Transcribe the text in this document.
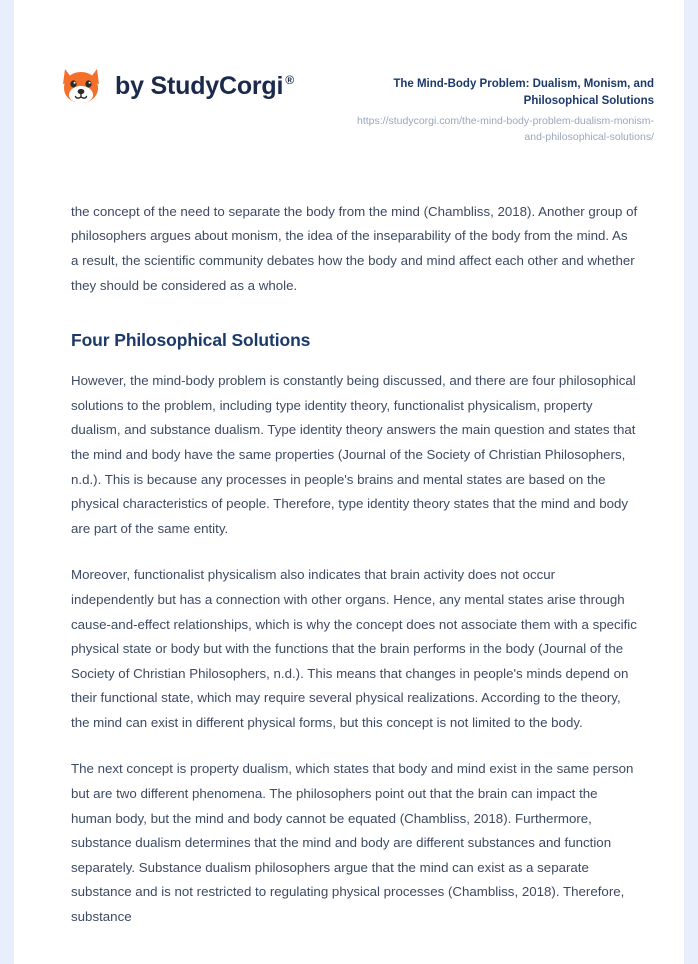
by StudyCorgi ®	The Mind-Body Problem: Dualism, Monism, and Philosophical Solutions
https://studycorgi.com/the-mind-body-problem-dualism-monism-and-philosophical-solutions/

the concept of the need to separate the body from the mind (Chambliss, 2018). Another group of philosophers argues about monism, the idea of the inseparability of the body from the mind. As a result, the scientific community debates how the body and mind affect each other and whether they should be considered as a whole.

Four Philosophical Solutions

However, the mind-body problem is constantly being discussed, and there are four philosophical solutions to the problem, including type identity theory, functionalist physicalism, property dualism, and substance dualism. Type identity theory answers the main question and states that the mind and body have the same properties (Journal of the Society of Christian Philosophers, n.d.). This is because any processes in people's brains and mental states are based on the physical characteristics of people. Therefore, type identity theory states that the mind and body are part of the same entity.

Moreover, functionalist physicalism also indicates that brain activity does not occur independently but has a connection with other organs. Hence, any mental states arise through cause-and-effect relationships, which is why the concept does not associate them with a specific physical state or body but with the functions that the brain performs in the body (Journal of the Society of Christian Philosophers, n.d.). This means that changes in people's minds depend on their functional state, which may require several physical realizations. According to the theory, the mind can exist in different physical forms, but this concept is not limited to the body.

The next concept is property dualism, which states that body and mind exist in the same person but are two different phenomena. The philosophers point out that the brain can impact the human body, but the mind and body cannot be equated (Chambliss, 2018). Furthermore, substance dualism determines that the mind and body are different substances and function separately. Substance dualism philosophers argue that the mind can exist as a separate substance and is not restricted to regulating physical processes (Chambliss, 2018). Therefore, substance
